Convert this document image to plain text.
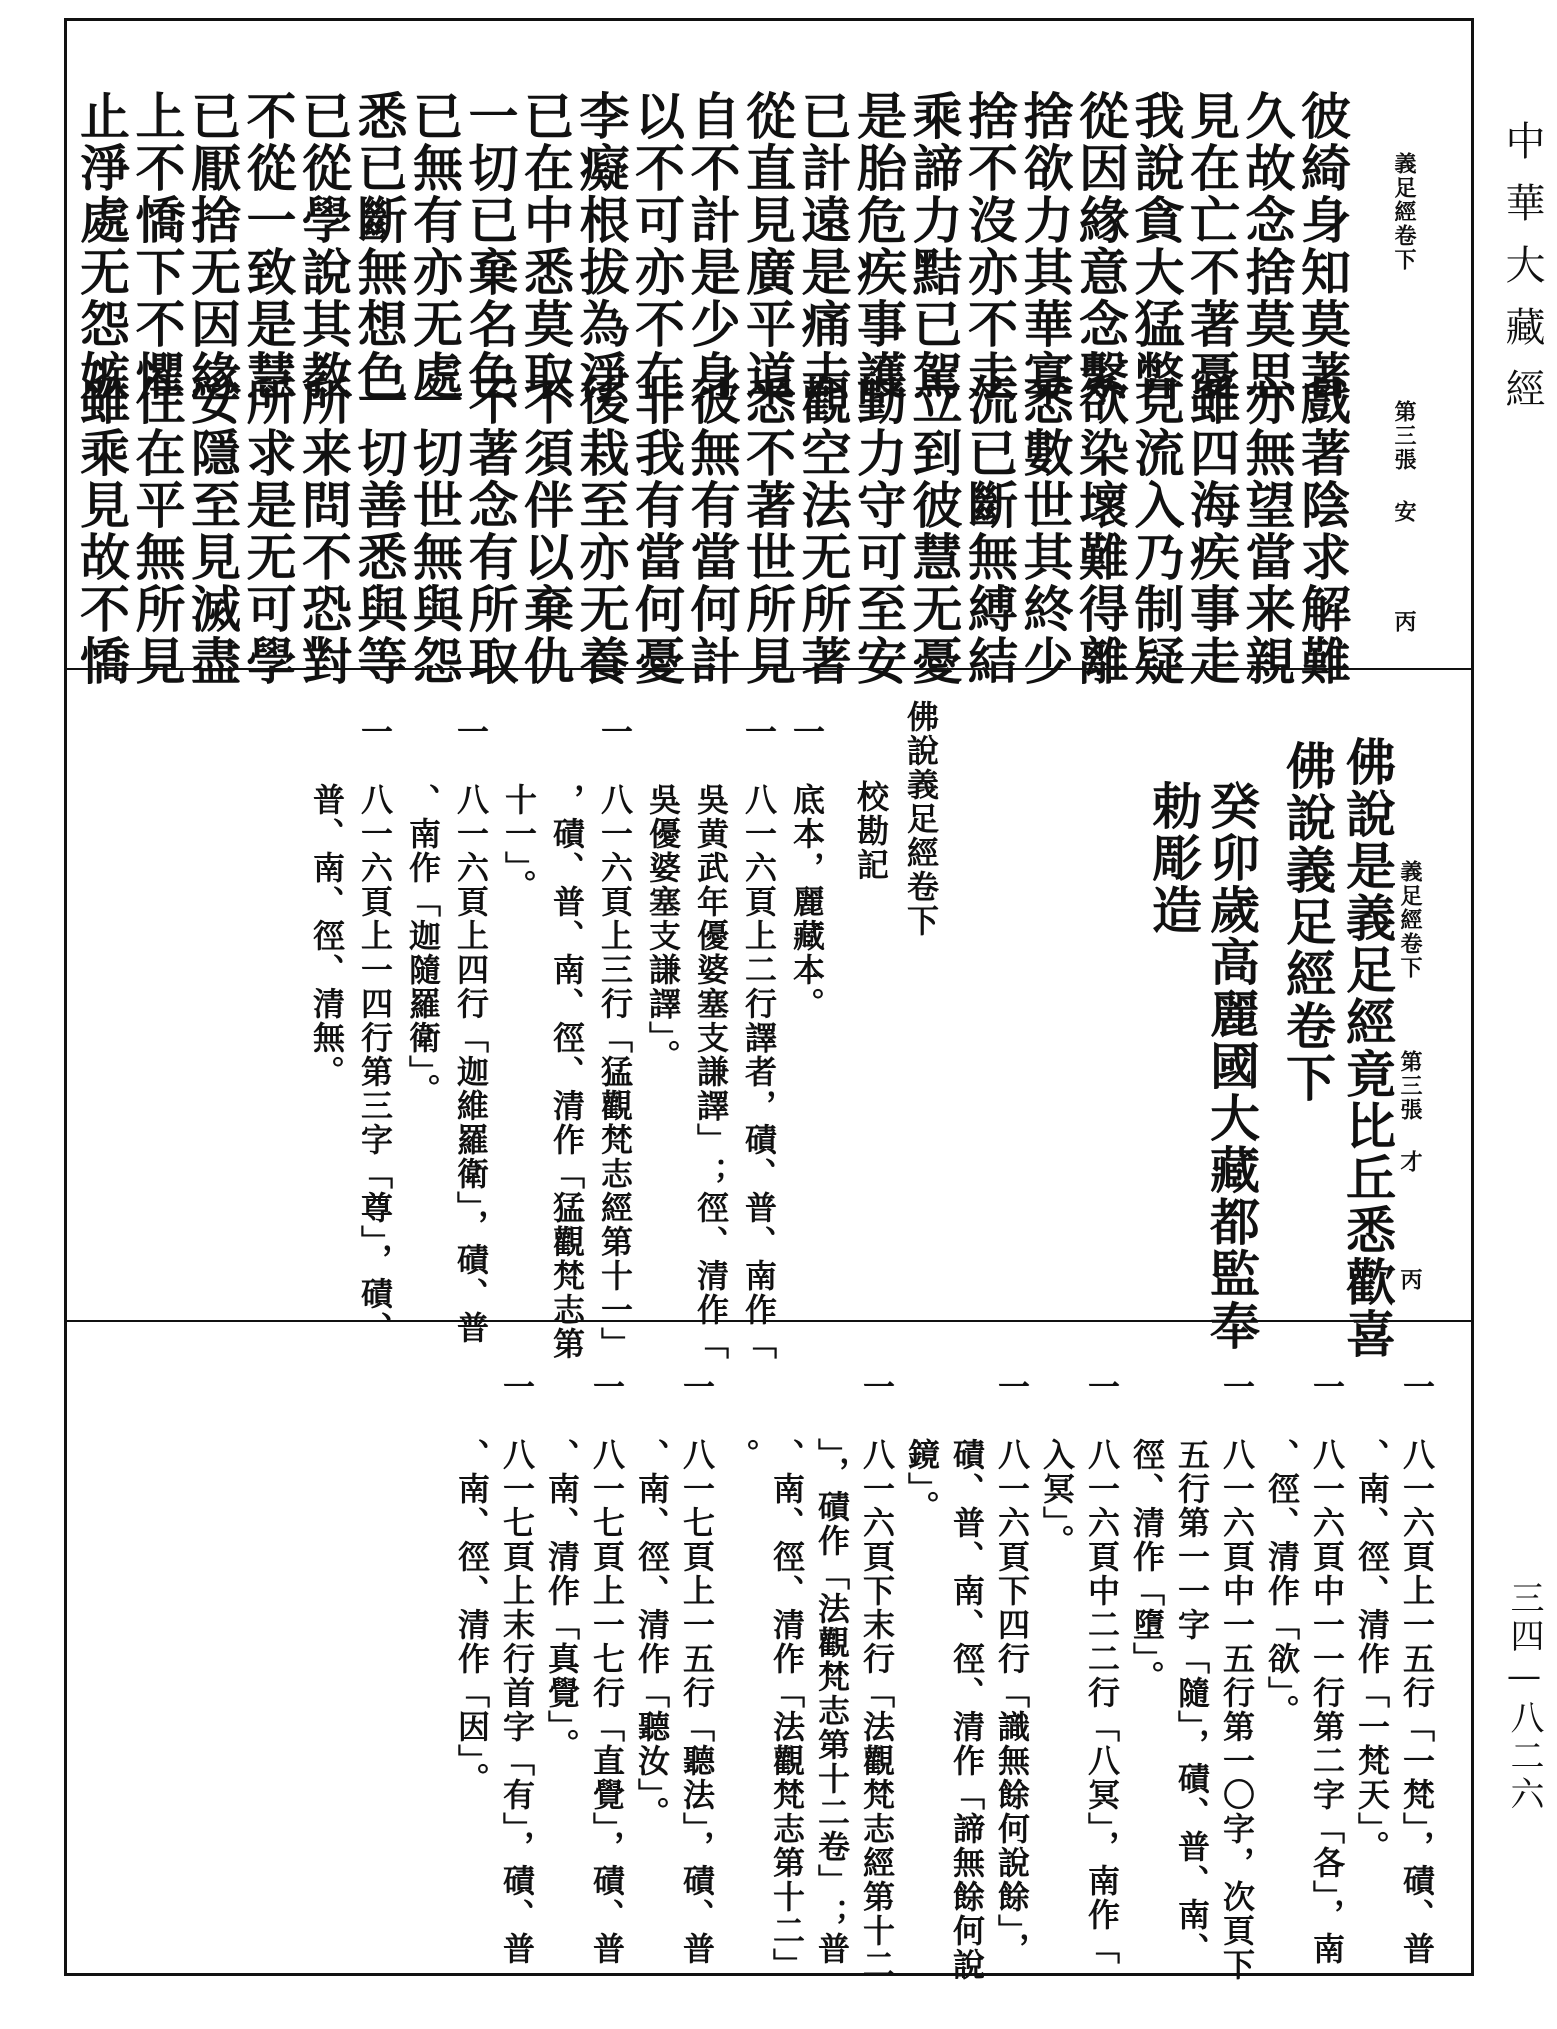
中華大藏經
三四—八二六
義足經卷下
第三張 安
丙
彼綺身知莫著
久故念捨莫思
見在亡不著憂
我說貪大猛弊
從因緣意念繫
捨欲力其華寡
捨不沒亦不走
乘諦力黠已駕
是胎危疾事護
已計遠是痛去
從直見廣平道
自不計是少身
以不可亦不在
李癡根拔為淨
已在中悉莫取
一切已棄名色
已無有亦无處
悉已斷無想色
已從學說其教
不從一致是慧
已厭捨无因緣
上不憍下不懼
止淨處无怨嫉
戲著陰求解難
亦無望當来親
雖四海疾事走
見流入乃制疑
欲染壞難得離
悉數世其終少
流已斷無縛結
立到彼慧无憂
勤力守可至安
觀空法无所著
悉不著世所見
彼無有當何計
非我有當何憂
後栽至亦无養
不須伴以棄仇
不著念有所取
一切世無與怨
一切善悉與等
所来問不恐對
所求是无可學
安隱至見滅盡
住在平無所見
雖乘見故不憍
佛說是義足經竟比丘悉歡喜 義足經卷下
第三張 才
丙
佛說義足經卷下
癸卯歲高麗國大藏都監奉
勅彫造
佛說義足經卷下
校勘記
一　底本，麗藏本。
一　八一六頁上二行譯者，磧、普、南作「
　　吳黄武年優婆塞支謙譯」；徑、清作「
　　吳優婆塞支謙譯」。
一　八一六頁上三行「猛觀梵志經第十一」
　　，磧、普、南、徑、清作「猛觀梵志第
　　十一」。
一　八一六頁上四行「迦維羅衛」，磧、普
　　、南作「迦隨羅衛」。
一　八一六頁上一四行第三字「尊」，磧、
　　普、南、徑、清無。
一　八一六頁上一五行「一梵」，磧、普
　　、南、徑、清作「一梵天」。
一　八一六頁中一一行第二字「各」，南
　　、徑、清作「欲」。
一　八一六頁中一五行第一〇字，次頁下
　　五行第一一字「隨」，磧、普、南、
　　徑、清作「墮」。
一　八一六頁中二二行「八冥」，南作「
　　入冥」。
一　八一六頁下四行「識無餘何說餘」，
　　磧、普、南、徑、清作「諦無餘何說
　　鏡」。
一　八一六頁下末行「法觀梵志經第十二
　　」，磧作「法觀梵志第十二卷」；普
　　、南、徑、清作「法觀梵志第十二」
　　。
一　八一七頁上一五行「聽法」，磧、普
　　、南、徑、清作「聽汝」。
一　八一七頁上一七行「直覺」，磧、普
　　、南、清作「真覺」。
一　八一七頁上末行首字「有」，磧、普
　　、南、徑、清作「因」。
